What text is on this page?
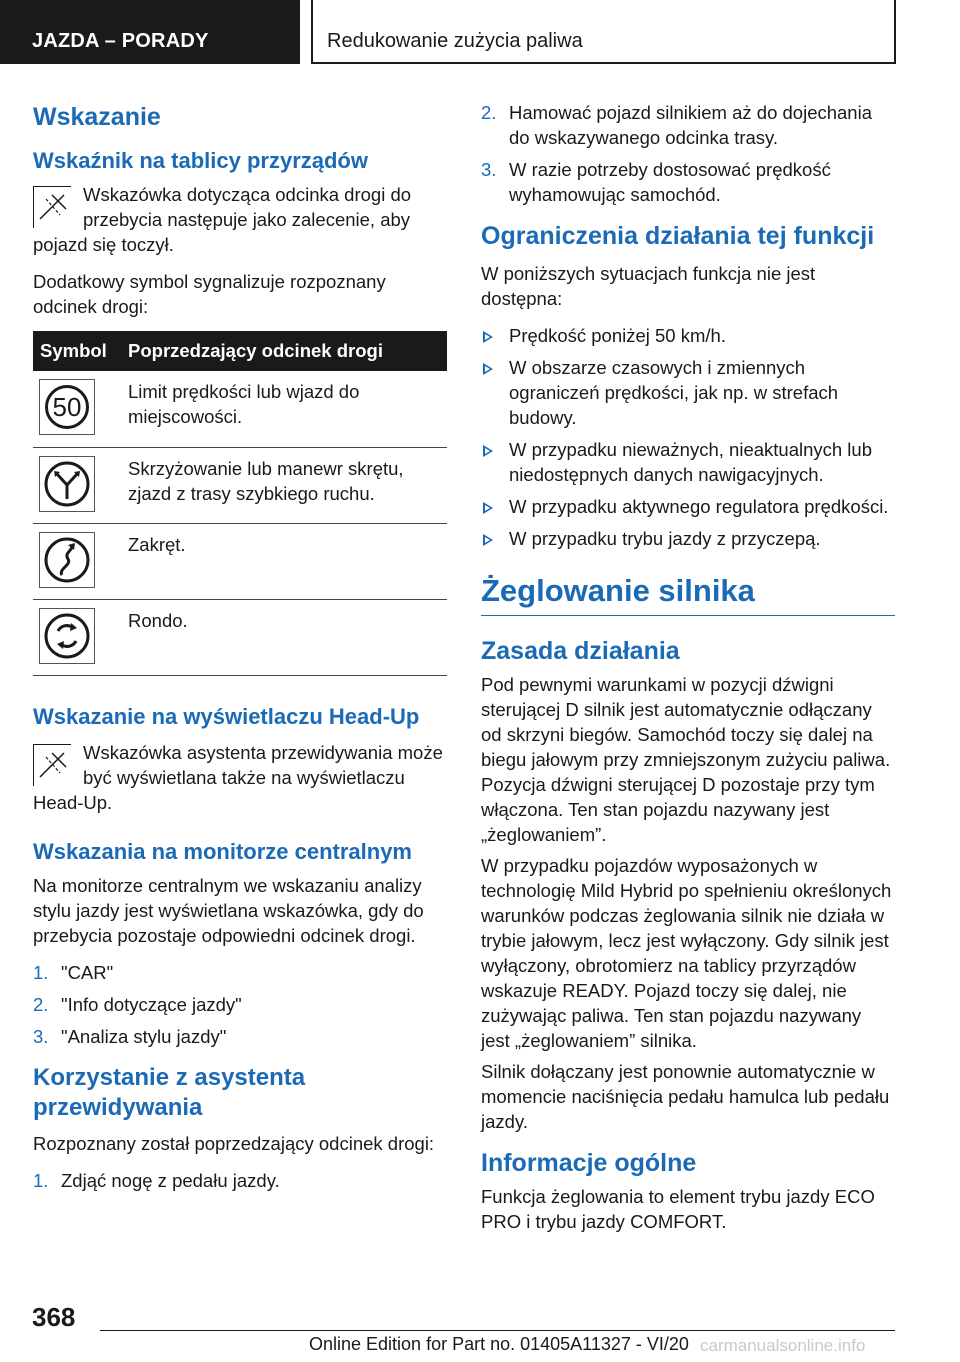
JAZDA – PORADY	Redukowanie zużycia paliwa
Wskazanie
Wskaźnik na tablicy przyrządów

Wskazówka dotycząca odcinka drogi do przebycia następuje jako zalecenie, aby pojazd się toczył.

Dodatkowy symbol sygnalizuje rozpoznany odcinek drogi:

Symbol	Poprzedzający odcinek drogi

50	Limit prędkości lub wjazd do miejscowości.

	Skrzyżowanie lub manewr skrętu, zjazd z trasy szybkiego ruchu.

	Zakręt.

	Rondo.
Wskazanie na wyświetlaczu Head-Up

Wskazówka asystenta przewidywania może być wyświetlana także na wyświetlaczu Head-Up.

Wskazania na monitorze centralnym

Na monitorze centralnym we wskazaniu analizy stylu jazdy jest wyświetlana wskazówka, gdy do przebycia pozostaje odpowiedni odcinek drogi.

1. "CAR"
2. "Info dotyczące jazdy"
3. "Analiza stylu jazdy"
Korzystanie z asystenta przewidywania

Rozpoznany został poprzedzający odcinek drogi:

1. Zdjąć nogę z pedału jazdy.
2. Hamować pojazd silnikiem aż do dojechania do wskazywanego odcinka trasy.
3. W razie potrzeby dostosować prędkość wyhamowując samochód.
Ograniczenia działania tej funkcji

W poniższych sytuacjach funkcja nie jest dostępna:

Prędkość poniżej 50 km/h.
W obszarze czasowych i zmiennych ograniczeń prędkości, jak np. w strefach budowy.
W przypadku nieważnych, nieaktualnych lub niedostępnych danych nawigacyjnych.
W przypadku aktywnego regulatora prędkości.
W przypadku trybu jazdy z przyczepą.
Żeglowanie silnika
Zasada działania

Pod pewnymi warunkami w pozycji dźwigni sterującej D silnik jest automatycznie odłączany od skrzyni biegów. Samochód toczy się dalej na biegu jałowym przy zmniejszonym zużyciu paliwa. Pozycja dźwigni sterującej D pozostaje przy tym włączona. Ten stan pojazdu nazywany jest „żeglowaniem”.

W przypadku pojazdów wyposażonych w technologię Mild Hybrid po spełnieniu określonych warunków podczas żeglowania silnik nie działa w trybie jałowym, lecz jest wyłączony. Gdy silnik jest wyłączony, obrotomierz na tablicy przyrządów wskazuje READY. Pojazd toczy się dalej, nie zużywając paliwa. Ten stan pojazdu nazywany jest „żeglowaniem” silnika.

Silnik dołączany jest ponownie automatycznie w momencie naciśnięcia pedału hamulca lub pedału jazdy.

Informacje ogólne

Funkcja żeglowania to element trybu jazdy ECO PRO i trybu jazdy COMFORT.

368
Online Edition for Part no. 01405A11327 - VI/20 carmanualsonline.info
